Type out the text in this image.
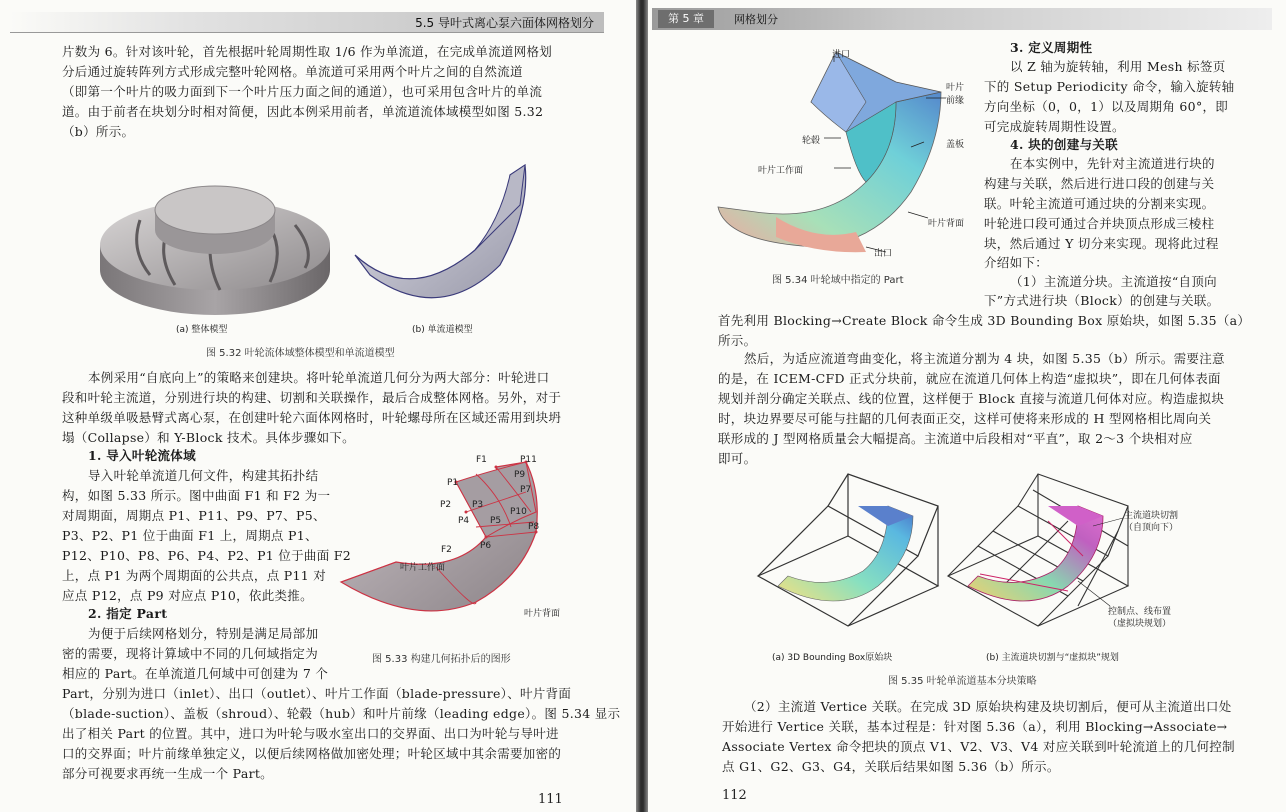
5.5 导叶式离心泵六面体网格划分
片数为 6。针对该叶轮，首先根据叶轮周期性取 1/6 作为单流道，在完成单流道网格划
分后通过旋转阵列方式形成完整叶轮网格。单流道可采用两个叶片之间的自然流道
（即第一个叶片的吸力面到下一个叶片压力面之间的通道），也可采用包含叶片的单流
道。由于前者在块划分时相对简便，因此本例采用前者，单流道流体域模型如图 5.32
（b）所示。
(a) 整体模型	(b) 单流道模型
图 5.32 叶轮流体域整体模型和单流道模型
本例采用“自底向上”的策略来创建块。将叶轮单流道几何分为两大部分：叶轮进口
段和叶轮主流道，分别进行块的构建、切割和关联操作，最后合成整体网格。另外，对于
这种单级单吸悬臂式离心泵，在创建叶轮六面体网格时，叶轮螺母所在区域还需用到块坍
塌（Collapse）和 Y-Block 技术。具体步骤如下。
1. 导入叶轮流体域
导入叶轮单流道几何文件，构建其拓扑结
构，如图 5.33 所示。图中曲面 F1 和 F2 为一
对周期面，周期点 P1、P11、P9、P7、P5、
P3、P2、P1 位于曲面 F1 上，周期点 P1、
P12、P10、P8、P6、P4、P2、P1 位于曲面 F2
上，点 P1 为两个周期面的公共点，点 P11 对
应点 P12，点 P9 对应点 P10，依此类推。
2. 指定 Part
为便于后续网格划分，特别是满足局部加
密的需要，现将计算域中不同的几何域指定为
相应的 Part。在单流道几何域中可创建为 7 个
Part，分别为进口（inlet）、出口（outlet）、叶片工作面（blade-pressure）、叶片背面
（blade-suction）、盖板（shroud）、轮毂（hub）和叶片前缘（leading edge）。图 5.34 显示
出了相关 Part 的位置。其中，进口为叶轮与吸水室出口的交界面、出口为叶轮与导叶进
口的交界面；叶片前缘单独定义，以便后续网格做加密处理；叶轮区域中其余需要加密的
部分可视要求再统一生成一个 Part。
F1	P11
P9
P1
P7
P2 P3
P10
P4 P5
P8
F2	P6
叶片工作面
叶片背面
图 5.33 构建几何拓扑后的图形
111
第 5 章	网格划分
进口
叶片前缘
轮毂	盖板
叶片工作面
叶片背面
出口
图 5.34 叶轮域中指定的 Part
3. 定义周期性
以 Z 轴为旋转轴，利用 Mesh 标签页
下的 Setup Periodicity 命令，输入旋转轴
方向坐标（0，0，1）以及周期角 60°，即
可完成旋转周期性设置。
4. 块的创建与关联
在本实例中，先针对主流道进行块的
构建与关联，然后进行进口段的创建与关
联。叶轮主流道可通过块的分割来实现。
叶轮进口段可通过合并块顶点形成三棱柱
块，然后通过 Y 切分来实现。现将此过程
介绍如下：
（1）主流道分块。主流道按“自顶向
下”方式进行块（Block）的创建与关联。
首先利用 Blocking→Create Block 命令生成 3D Bounding Box 原始块，如图 5.35（a）
所示。
然后，为适应流道弯曲变化，将主流道分割为 4 块，如图 5.35（b）所示。需要注意
的是，在 ICEM-CFD 正式分块前，就应在流道几何体上构造“虚拟块”，即在几何体表面
规划并剖分确定关联点、线的位置，这样便于 Block 直接与流道几何体对应。构造虚拟块
时，块边界要尽可能与拄龆的几何表面正交，这样可使将来形成的 H 型网格相比周向关
联形成的 J 型网格质量会大幅提高。主流道中后段相对“平直”，取 2～3 个块相对应
即可。
主流道块切割
（自顶向下）
控制点、线布置
（虚拟块规划）
(a) 3D Bounding Box原始块	(b) 主流道块切割与“虚拟块”规划
图 5.35 叶轮单流道基本分块策略
（2）主流道 Vertice 关联。在完成 3D 原始块构建及块切割后，便可从主流道出口处
开始进行 Vertice 关联，基本过程是：针对图 5.36（a），利用 Blocking→Associate→
Associate Vertex 命令把块的顶点 V1、V2、V3、V4 对应关联到叶轮流道上的几何控制
点 G1、G2、G3、G4，关联后结果如图 5.36（b）所示。
112
